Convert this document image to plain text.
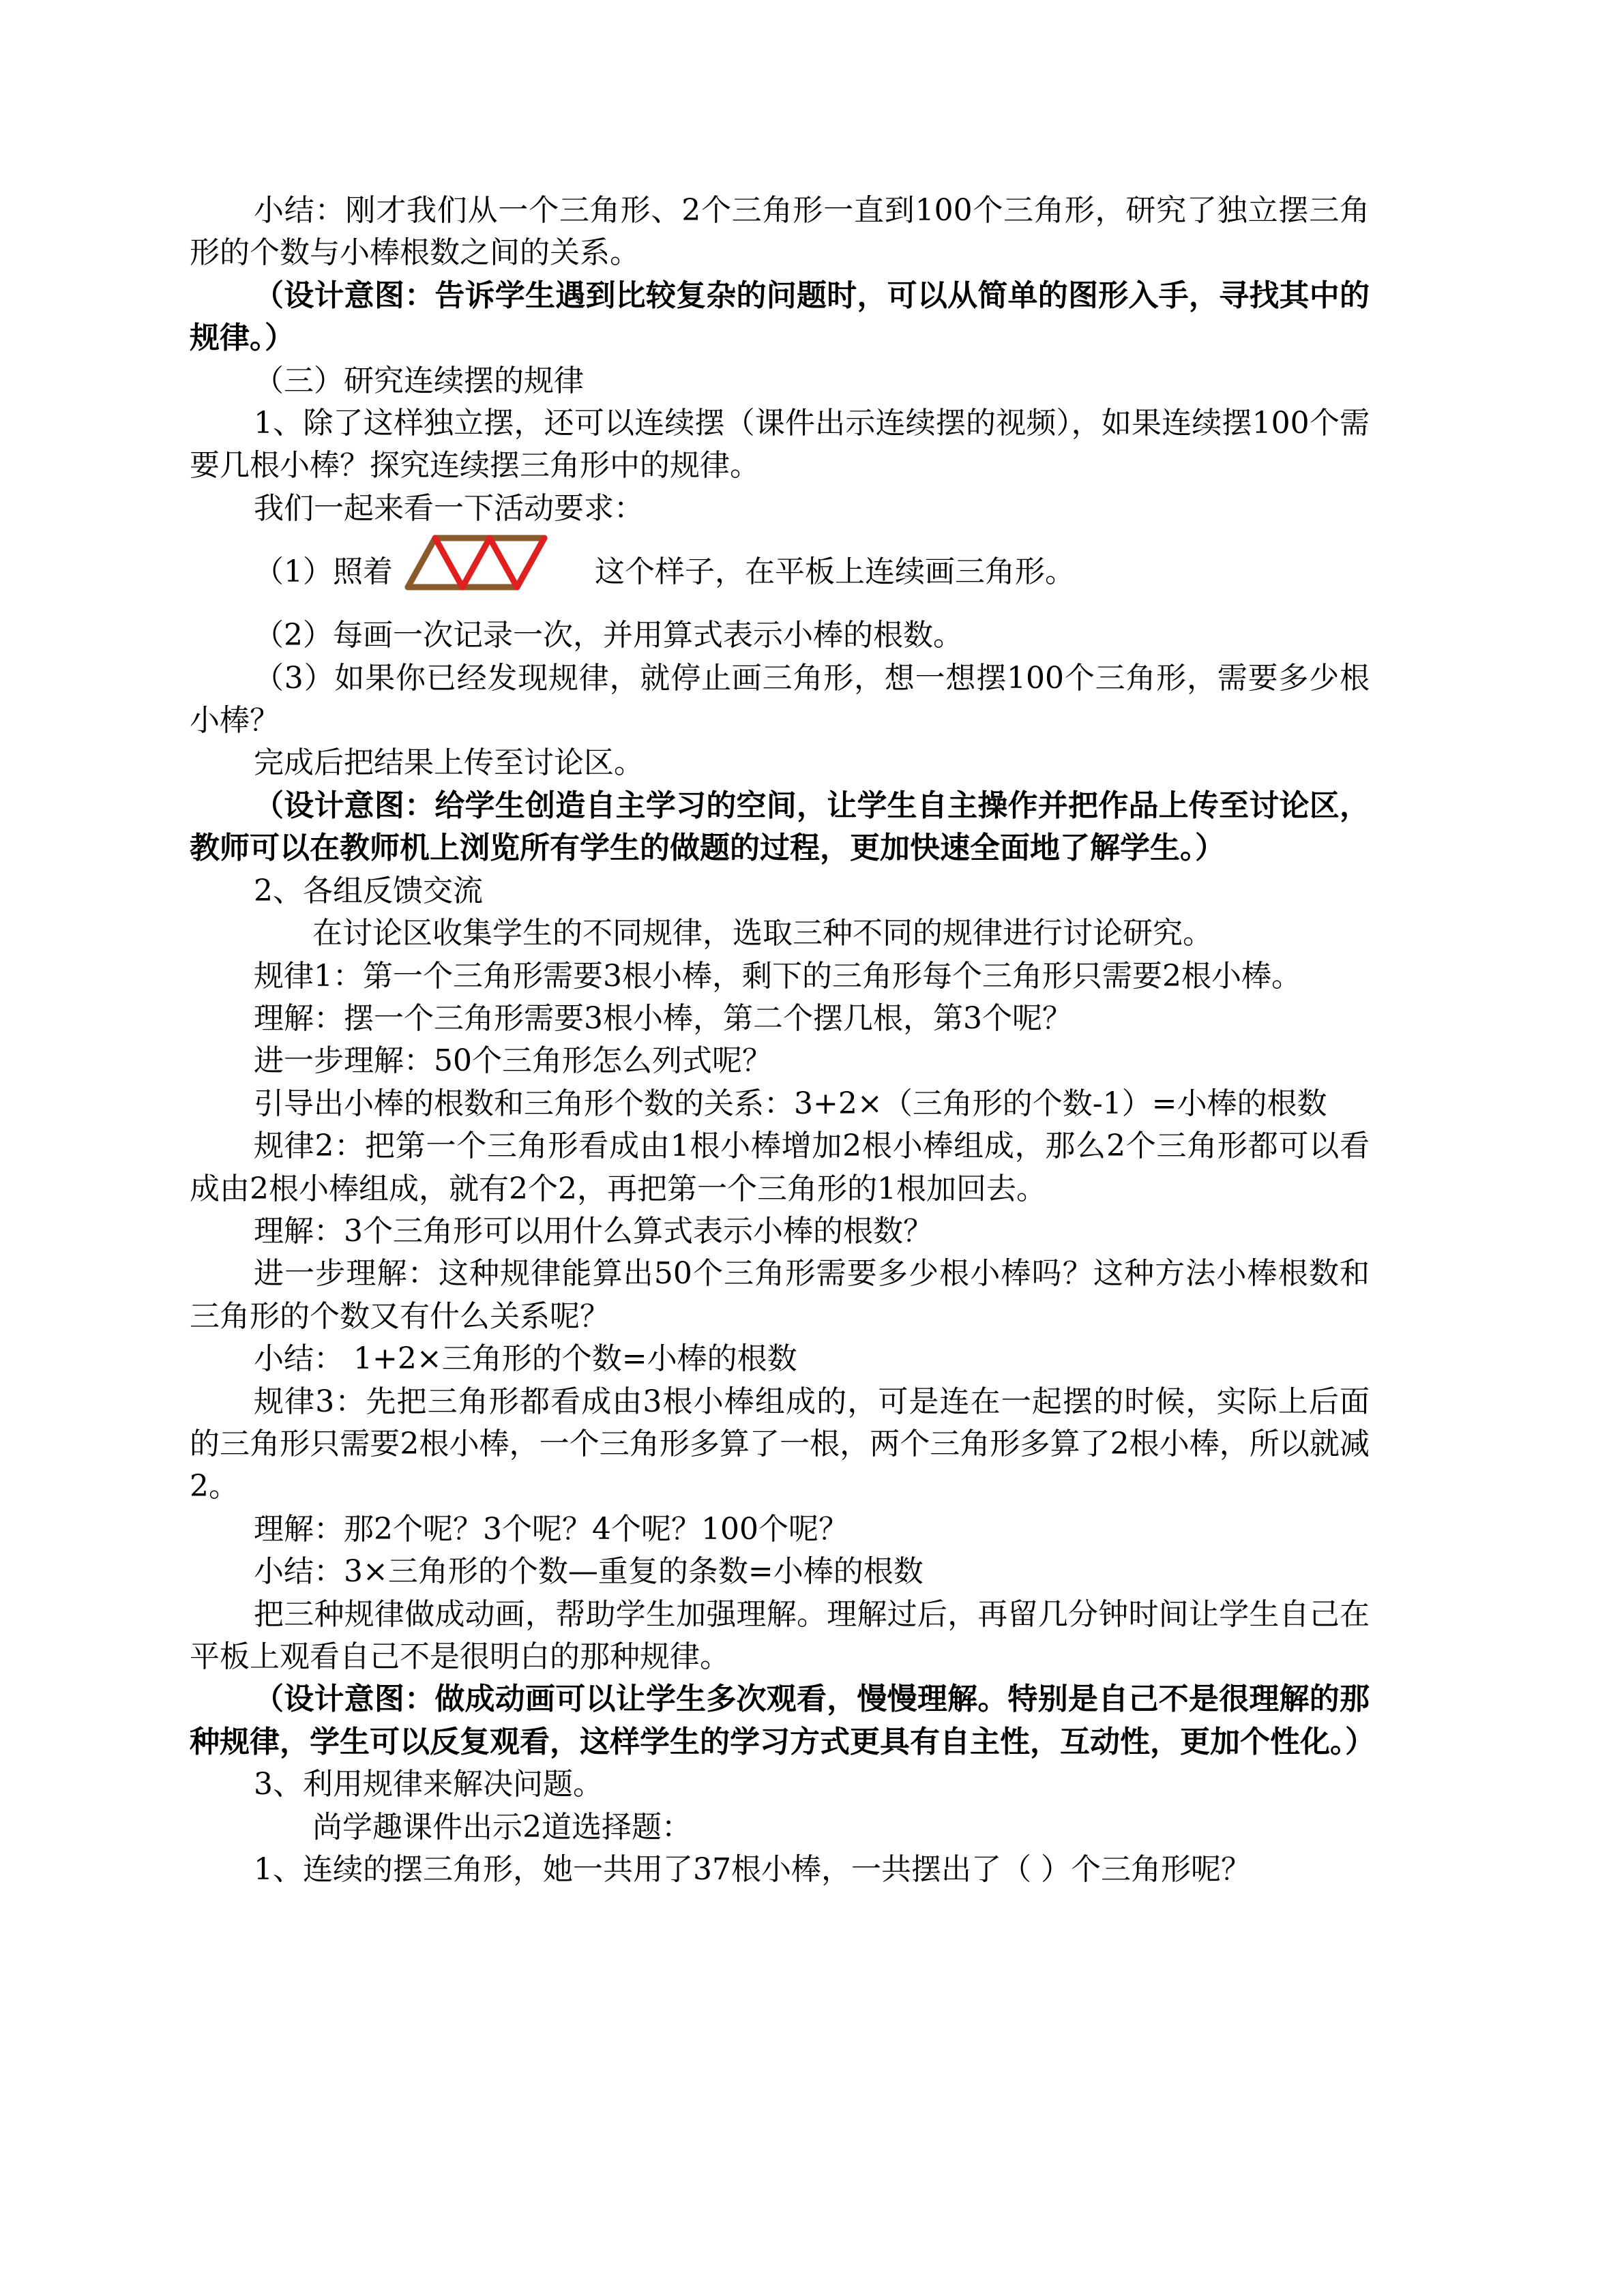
小结：刚才我们从一个三角形、2个三角形一直到100个三角形，研究了独立摆三角形的个数与小棒根数之间的关系。

（设计意图：告诉学生遇到比较复杂的问题时，可以从简单的图形入手，寻找其中的规律。）

（三）研究连续摆的规律

1、除了这样独立摆，还可以连续摆（课件出示连续摆的视频），如果连续摆100个需要几根小棒？探究连续摆三角形中的规律。

我们一起来看一下活动要求：

（1）照着	这个样子，在平板上连续画三角形。

（2）每画一次记录一次，并用算式表示小棒的根数。

（3）如果你已经发现规律，就停止画三角形，想一想摆100个三角形，需要多少根小棒？

完成后把结果上传至讨论区。

（设计意图：给学生创造自主学习的空间，让学生自主操作并把作品上传至讨论区，教师可以在教师机上浏览所有学生的做题的过程，更加快速全面地了解学生。）

2、各组反馈交流

在讨论区收集学生的不同规律，选取三种不同的规律进行讨论研究。

规律1：第一个三角形需要3根小棒，剩下的三角形每个三角形只需要2根小棒。

理解：摆一个三角形需要3根小棒，第二个摆几根，第3个呢？

进一步理解：50个三角形怎么列式呢？

引导出小棒的根数和三角形个数的关系：3+2×（三角形的个数-1）=小棒的根数

规律2：把第一个三角形看成由1根小棒增加2根小棒组成，那么2个三角形都可以看成由2根小棒组成，就有2个2，再把第一个三角形的1根加回去。

理解：3个三角形可以用什么算式表示小棒的根数？

进一步理解：这种规律能算出50个三角形需要多少根小棒吗？这种方法小棒根数和三角形的个数又有什么关系呢？

小结： 1+2×三角形的个数=小棒的根数

规律3：先把三角形都看成由3根小棒组成的，可是连在一起摆的时候，实际上后面的三角形只需要2根小棒，一个三角形多算了一根，两个三角形多算了2根小棒，所以就减2。

理解：那2个呢？3个呢？4个呢？100个呢？

小结：3×三角形的个数—重复的条数=小棒的根数

把三种规律做成动画，帮助学生加强理解。理解过后，再留几分钟时间让学生自己在平板上观看自己不是很明白的那种规律。

（设计意图：做成动画可以让学生多次观看，慢慢理解。特别是自己不是很理解的那种规律，学生可以反复观看，这样学生的学习方式更具有自主性，互动性，更加个性化。）

3、利用规律来解决问题。

尚学趣课件出示2道选择题：

1、连续的摆三角形，她一共用了37根小棒，一共摆出了（ ）个三角形呢？
